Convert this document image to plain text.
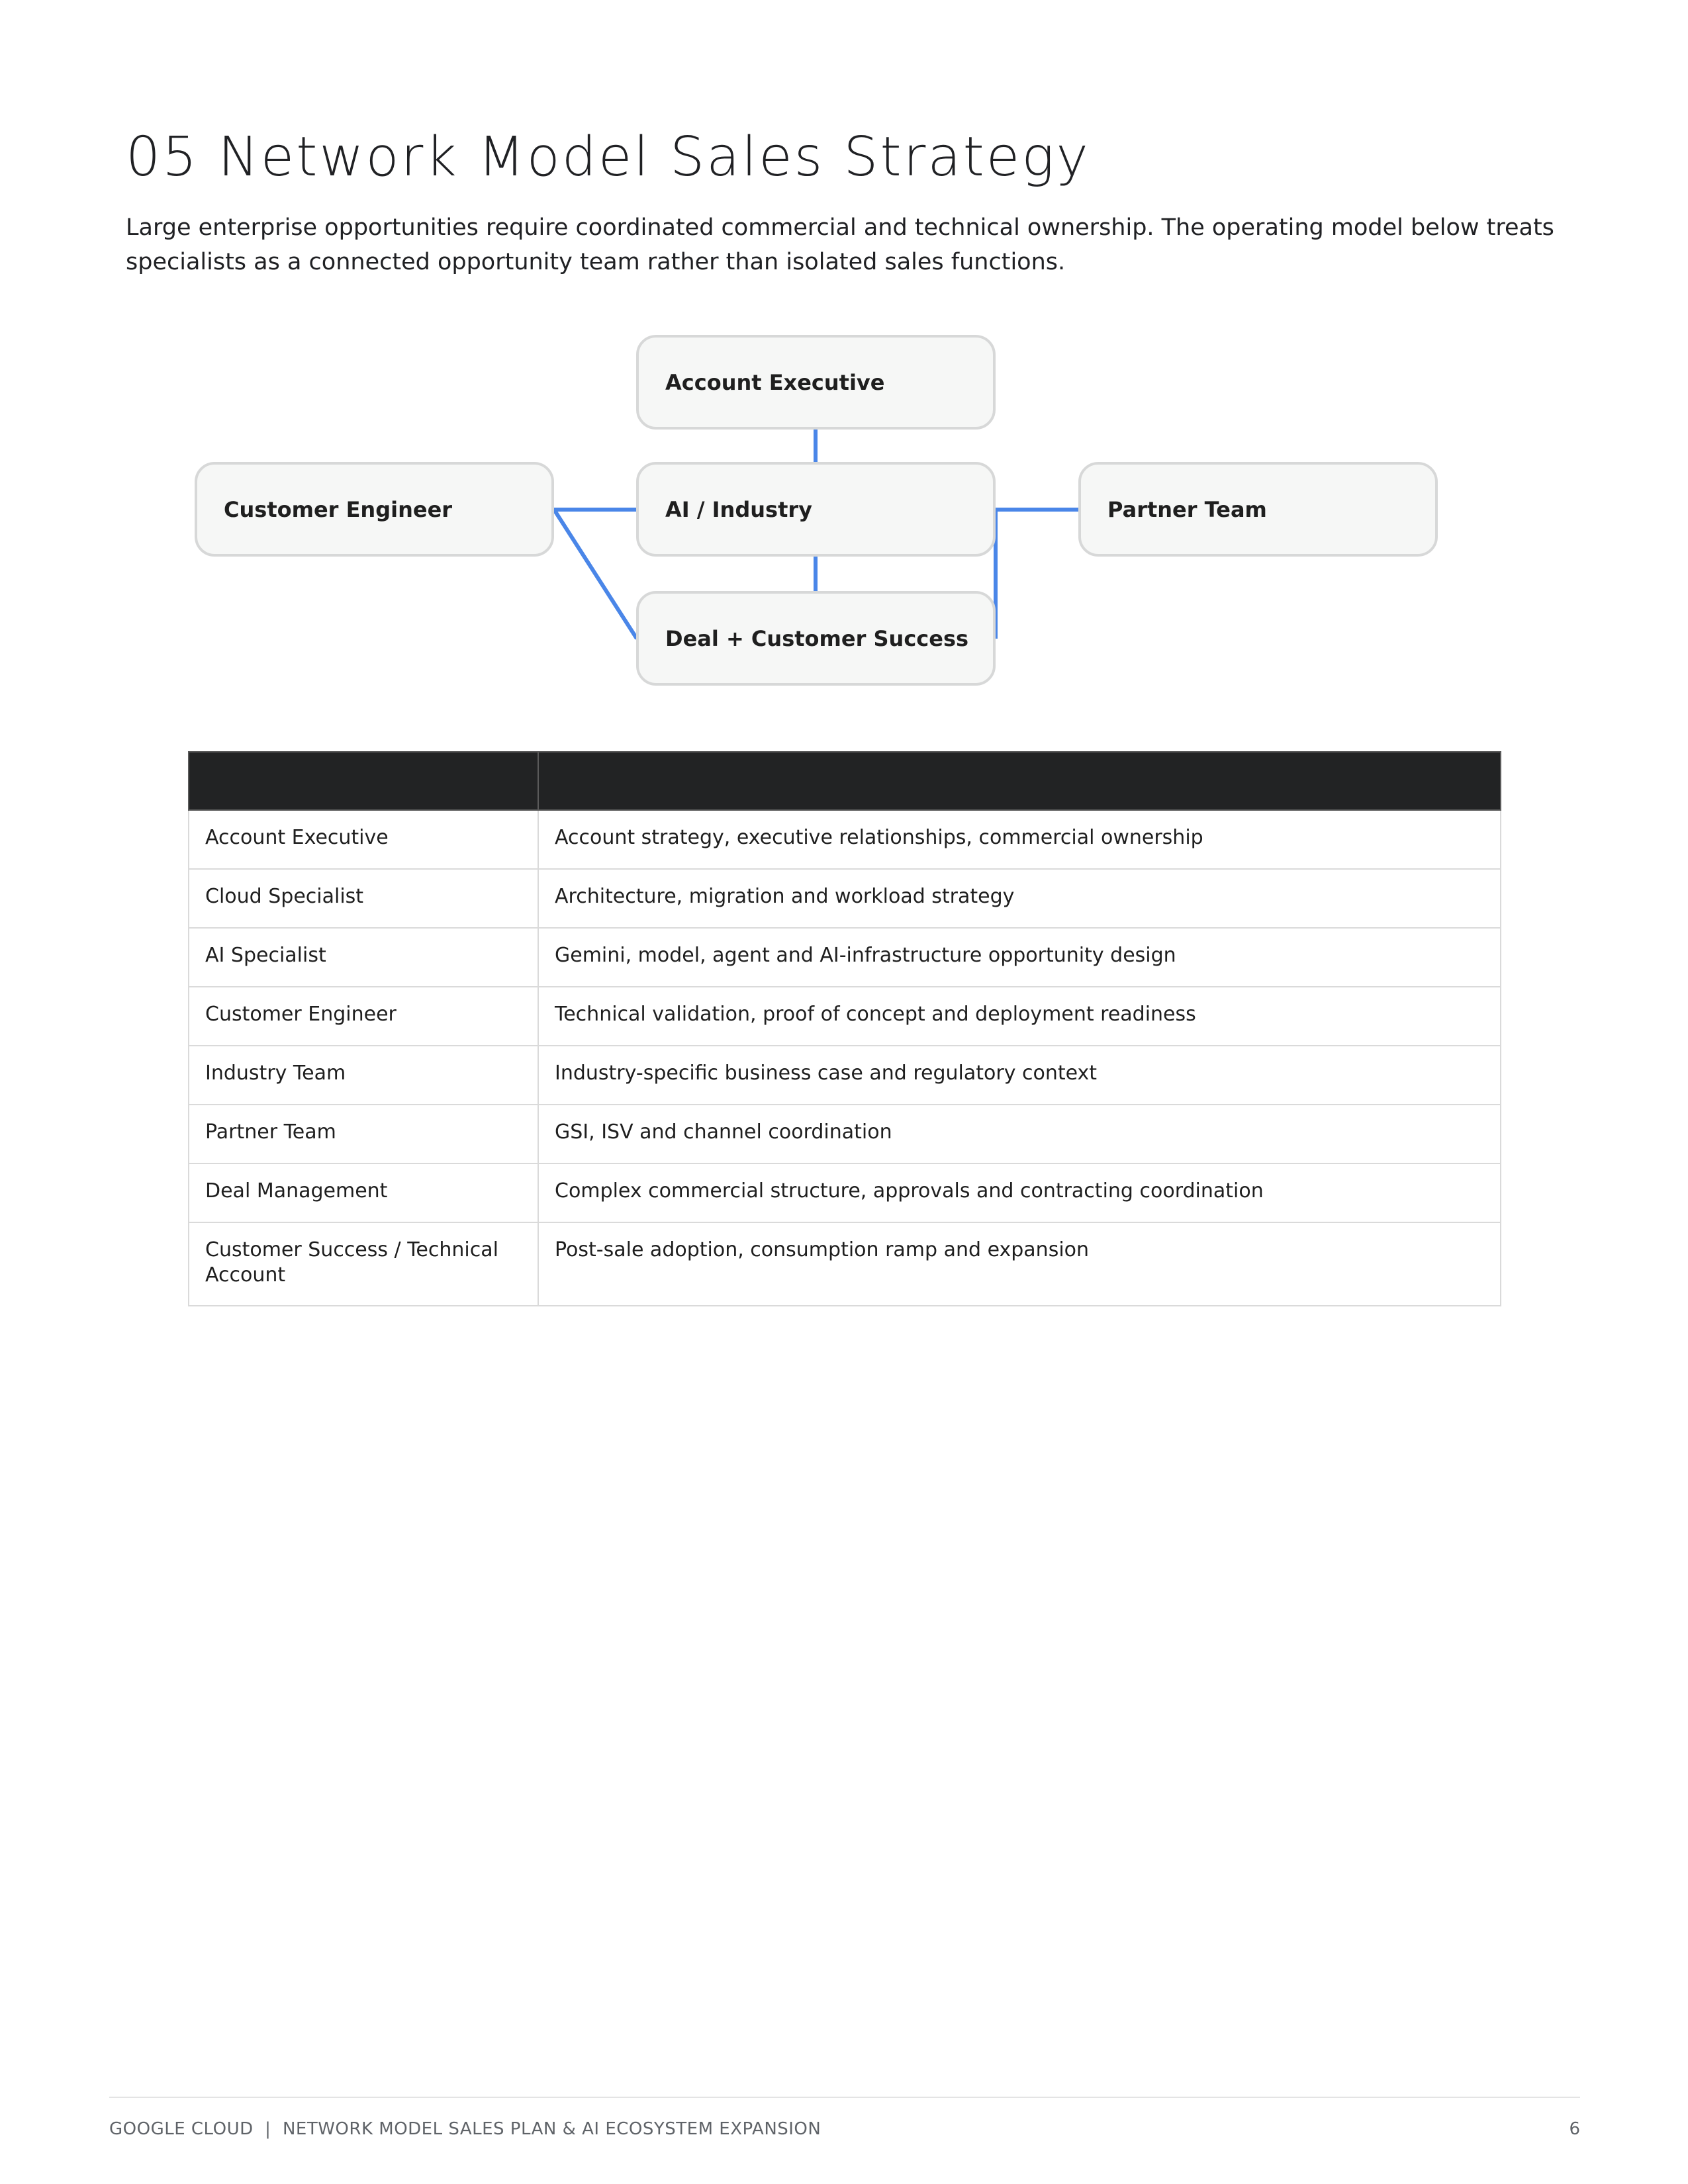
05 Network Model Sales Strategy

Large enterprise opportunities require coordinated commercial and technical ownership. The operating model below treats specialists as a connected opportunity team rather than isolated sales functions.

Account Executive
Customer Engineer	AI / Industry	Partner Team
Deal + Customer Success

Account Executive	Account strategy, executive relationships, commercial ownership
Cloud Specialist	Architecture, migration and workload strategy
AI Specialist	Gemini, model, agent and AI-infrastructure opportunity design
Customer Engineer	Technical validation, proof of concept and deployment readiness
Industry Team	Industry-specific business case and regulatory context
Partner Team	GSI, ISV and channel coordination
Deal Management	Complex commercial structure, approvals and contracting coordination
Customer Success / Technical Account	Post-sale adoption, consumption ramp and expansion
GOOGLE CLOUD  |  NETWORK MODEL SALES PLAN & AI ECOSYSTEM EXPANSION	6
